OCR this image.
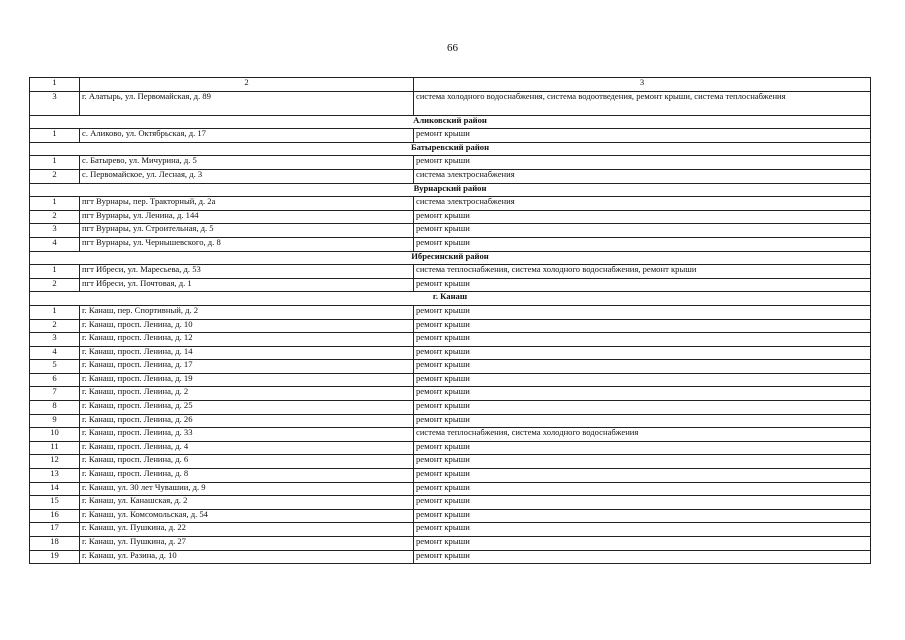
66
1	2	3
3	г. Алатырь, ул. Первомайская, д. 89	система холодного водоснабжения, система водоотведения, ремонт крыши, система теплоснабжения
Аликовский район		
1	с. Аликово, ул. Октябрьская, д. 17	ремонт крыши
Батыревский район		
1	с. Батырево, ул. Мичурина, д. 5	ремонт крыши
2	с. Первомайское, ул. Лесная, д. 3	система электроснабжения
Вурнарский район		
1	пгт Вурнары, пер. Тракторный, д. 2а	система электроснабжения
2	пгт Вурнары, ул. Ленина, д. 144	ремонт крыши
3	пгт Вурнары, ул. Строительная, д. 5	ремонт крыши
4	пгт Вурнары, ул. Чернышевского, д. 8	ремонт крыши
Ибресинский район		
1	пгт Ибреси, ул. Маресьева, д. 53	система теплоснабжения, система холодного водоснабжения, ремонт крыши
2	пгт Ибреси, ул. Почтовая, д. 1	ремонт крыши
г. Канаш		
1	г. Канаш, пер. Спортивный, д. 2	ремонт крыши
2	г. Канаш, просп. Ленина, д. 10	ремонт крыши
3	г. Канаш, просп. Ленина, д. 12	ремонт крыши
4	г. Канаш, просп. Ленина, д. 14	ремонт крыши
5	г. Канаш, просп. Ленина, д. 17	ремонт крыши
6	г. Канаш, просп. Ленина, д. 19	ремонт крыши
7	г. Канаш, просп. Ленина, д. 2	ремонт крыши
8	г. Канаш, просп. Ленина, д. 25	ремонт крыши
9	г. Канаш, просп. Ленина, д. 26	ремонт крыши
10	г. Канаш, просп. Ленина, д. 33	система теплоснабжения, система холодного водоснабжения
11	г. Канаш, просп. Ленина, д. 4	ремонт крыши
12	г. Канаш, просп. Ленина, д. 6	ремонт крыши
13	г. Канаш, просп. Ленина, д. 8	ремонт крыши
14	г. Канаш, ул. 30 лет Чувашии, д. 9	ремонт крыши
15	г. Канаш, ул. Канашская, д. 2	ремонт крыши
16	г. Канаш, ул. Комсомольская, д. 54	ремонт крыши
17	г. Канаш, ул. Пушкина, д. 22	ремонт крыши
18	г. Канаш, ул. Пушкина, д. 27	ремонт крыши
19	г. Канаш, ул. Разина, д. 10	ремонт крыши
